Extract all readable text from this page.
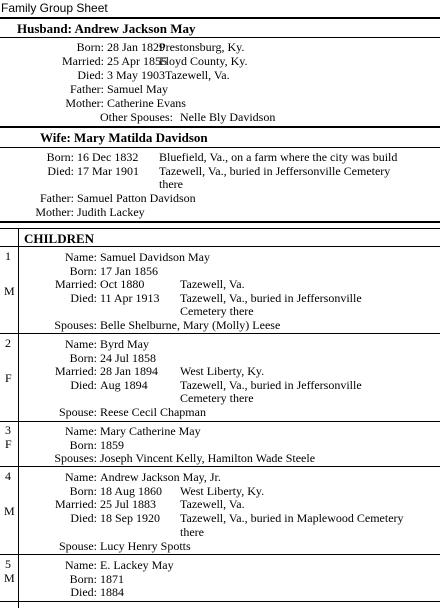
Family Group Sheet
Husband: Andrew Jackson May
Born: 28 Jan 1829
Prestonsburg, Ky.
Married: 25 Apr 1855
Floyd County, Ky.
Died: 3 May 1903 Tazewell, Va.
Father: Samuel May
Mother: Catherine Evans
Other Spouses: Nelle Bly Davidson
Wife: Mary Matilda Davidson
Born: 16 Dec 1832 Bluefield, Va., on a farm where the city was build
Died: 17 Mar 1901 Tazewell, Va., buried in Jeffersonville Cemetery
there
Father: Samuel Patton Davidson
Mother: Judith Lackey
CHILDREN
1
M
Name: Samuel Davidson May
Born: 17 Jan 1856
Married: Oct 1880	Tazewell, Va.
Died: 11 Apr 1913 Tazewell, Va., buried in Jeffersonville
Cemetery there
Spouses: Belle Shelburne, Mary (Molly) Leese
2
F
Name: Byrd May
Born: 24 Jul 1858
Married: 28 Jan 1894 West Liberty, Ky.
Died: Aug 1894	Tazewell, Va., buried in Jeffersonville
Cemetery there
Spouse: Reese Cecil Chapman
3
F
Name: Mary Catherine May
Born: 1859
Spouses: Joseph Vincent Kelly, Hamilton Wade Steele
4
M
Name: Andrew Jackson May, Jr.
Born: 18 Aug 1860 West Liberty, Ky.
Married: 25 Jul 1883 Tazewell, Va.
Died: 18 Sep 1920 Tazewell, Va., buried in Maplewood Cemetery
there
Spouse: Lucy Henry Spotts
5
M
Name: E. Lackey May
Born: 1871
Died: 1884
